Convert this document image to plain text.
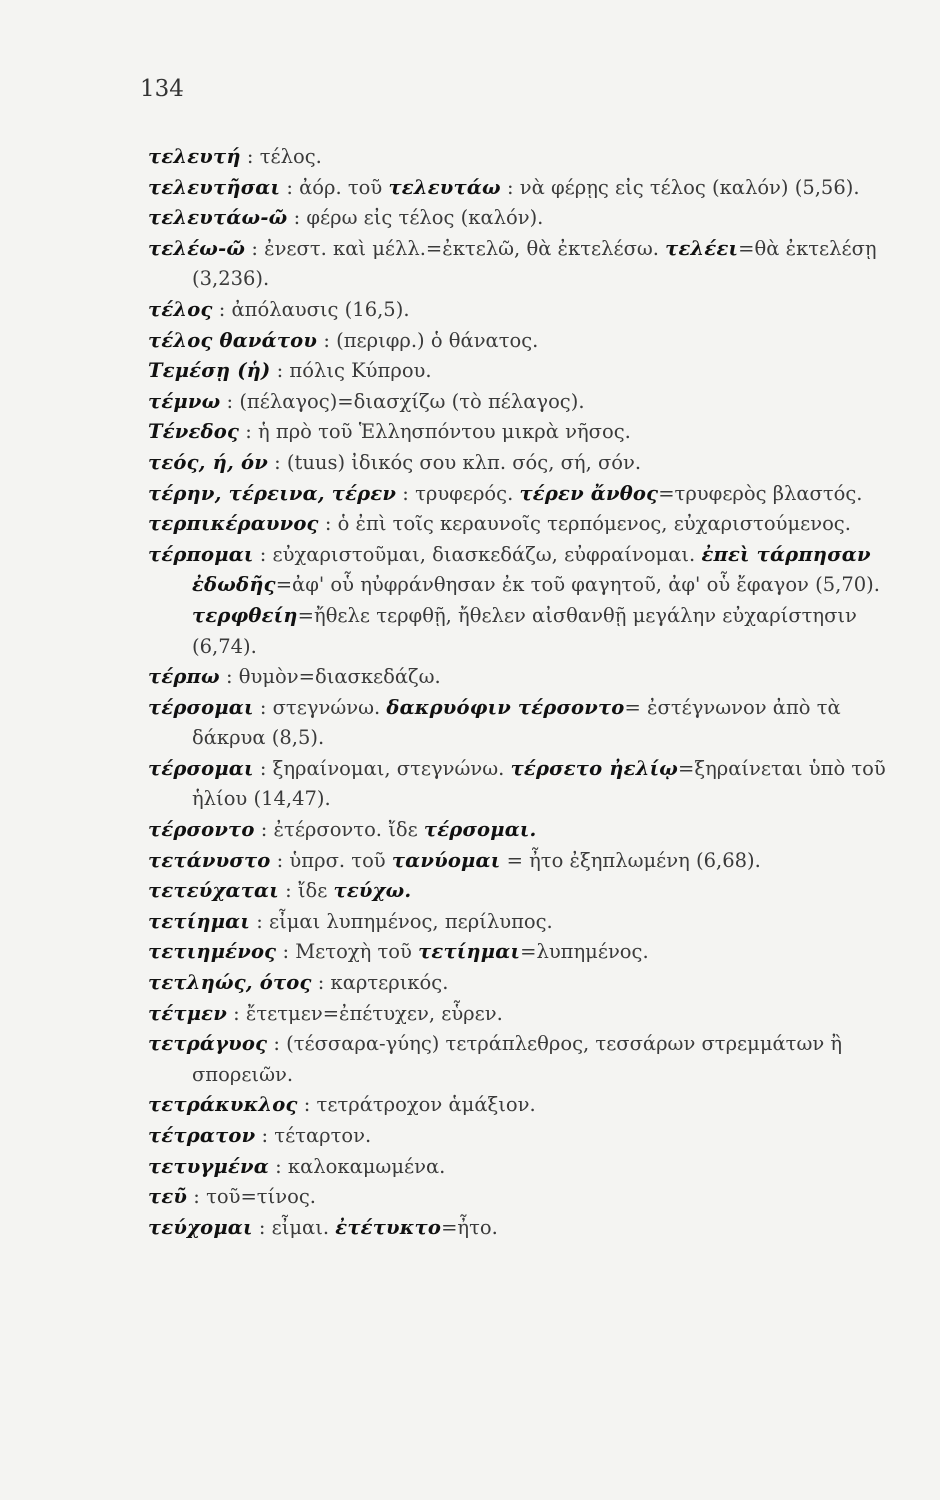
134
τελευτή : τέλος.
τελευτῆσαι : ἀόρ. τοῦ τελευτάω : νὰ φέρῃς εἰς τέλος (καλόν) (5,56).
τελευτάω-ῶ : φέρω εἰς τέλος (καλόν).
τελέω-ῶ : ἐνεστ. καὶ μέλλ.=ἐκτελῶ, θὰ ἐκτελέσω. τελέει=θὰ ἐκτελέσῃ (3,236).
τέλος : ἀπόλαυσις (16,5).
τέλος θανάτου : (περιφρ.) ὁ θάνατος.
Τεμέσῃ (ἡ) : πόλις Κύπρου.
τέμνω : (πέλαγος)=διασχίζω (τὸ πέλαγος).
Τένεδος : ἡ πρὸ τοῦ Ἑλλησπόντου μικρὰ νῆσος.
τεός, ή, όν : (tuus) ἰδικός σου κλπ. σός, σή, σόν.
τέρην, τέρεινα, τέρεν : τρυφερός. τέρεν ἄνθος=τρυφερὸς βλαστός.
τερπικέραυνος : ὁ ἐπὶ τοῖς κεραυνοῖς τερπόμενος, εὐχαριστούμενος.
τέρπομαι : εὐχαριστοῦμαι, διασκεδάζω, εὐφραίνομαι. ἐπεὶ τάρπησαν ἐδωδῆς=ἀφ' οὗ ηὐφράνθησαν ἐκ τοῦ φαγητοῦ, ἀφ' οὗ ἔφαγον (5,70). τερφθείη=ἤθελε τερφθῇ, ἤθελεν αἰσθανθῇ μεγάλην εὐχαρίστησιν (6,74).
τέρπω : θυμὸν=διασκεδάζω.
τέρσομαι : στεγνώνω. δακρυόφιν τέρσοντο= ἐστέγνωνον ἀπὸ τὰ δάκρυα (8,5).
τέρσομαι : ξηραίνομαι, στεγνώνω. τέρσετο ἠελίῳ=ξηραίνεται ὑπὸ τοῦ ἡλίου (14,47).
τέρσοντο : ἐτέρσοντο. ἴδε τέρσομαι.
τετάνυστο : ὑπρσ. τοῦ τανύομαι = ἦτο ἐξηπλωμένη (6,68).
τετεύχαται : ἴδε τεύχω.
τετίημαι : εἶμαι λυπημένος, περίλυπος.
τετιημένος : Μετοχὴ τοῦ τετίημαι=λυπημένος.
τετληώς, ότος : καρτερικός.
τέτμεν : ἔτετμεν=ἐπέτυχεν, εὗρεν.
τετράγυος : (τέσσαρα-γύης) τετράπλεθρος, τεσσάρων στρεμμάτων ἢ σπορειῶν.
τετράκυκλος : τετράτροχον ἁμάξιον.
τέτρατον : τέταρτον.
τετυγμένα : καλοκαμωμένα.
τεῦ : τοῦ=τίνος.
τεύχομαι : εἶμαι. ἐτέτυκτο=ἦτο.
